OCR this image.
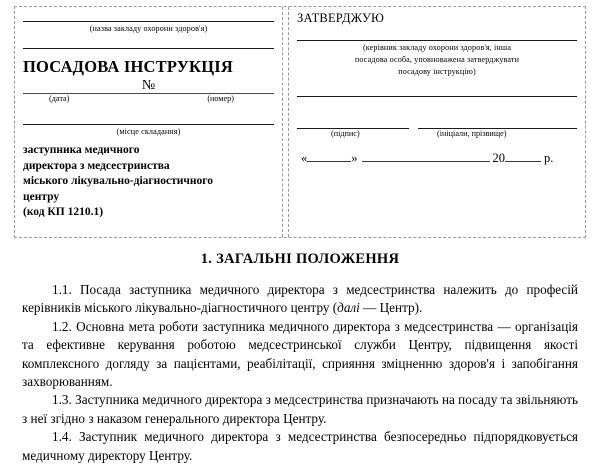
(назва закладу охорони здоров'я)
ПОСАДОВА ІНСТРУКЦІЯ
№
(дата)	(номер)
(місце складання)
заступника медичного
директора з медсестринства
міського лікувально-діагностичного
центру
(код КП 1210.1)
ЗАТВЕРДЖУЮ
(керівник закладу охорони здоров'я, інша
посадова особа, уповноважена затверджувати
посадову інструкцію)
(підпис)	(ініціали, прізвище)
«	»	20	р.
1. ЗАГАЛЬНІ ПОЛОЖЕННЯ

1.1. Посада заступника медичного директора з медсестринства належить до професій керівників міського лікувально-діагностичного центру (далі — Центр).

1.2. Основна мета роботи заступника медичного директора з медсестринства — організація та ефективне керування роботою медсестринської служби Центру, підвищення якості комплексного догляду за пацієнтами, реабілітації, сприяння зміцненню здоров'я і запобігання захворюванням.

1.3. Заступника медичного директора з медсестринства призначають на посаду та звільняють з неї згідно з наказом генерального директора Центру.

1.4. Заступник медичного директора з медсестринства безпосередньо підпорядковується медичному директору Центру.
